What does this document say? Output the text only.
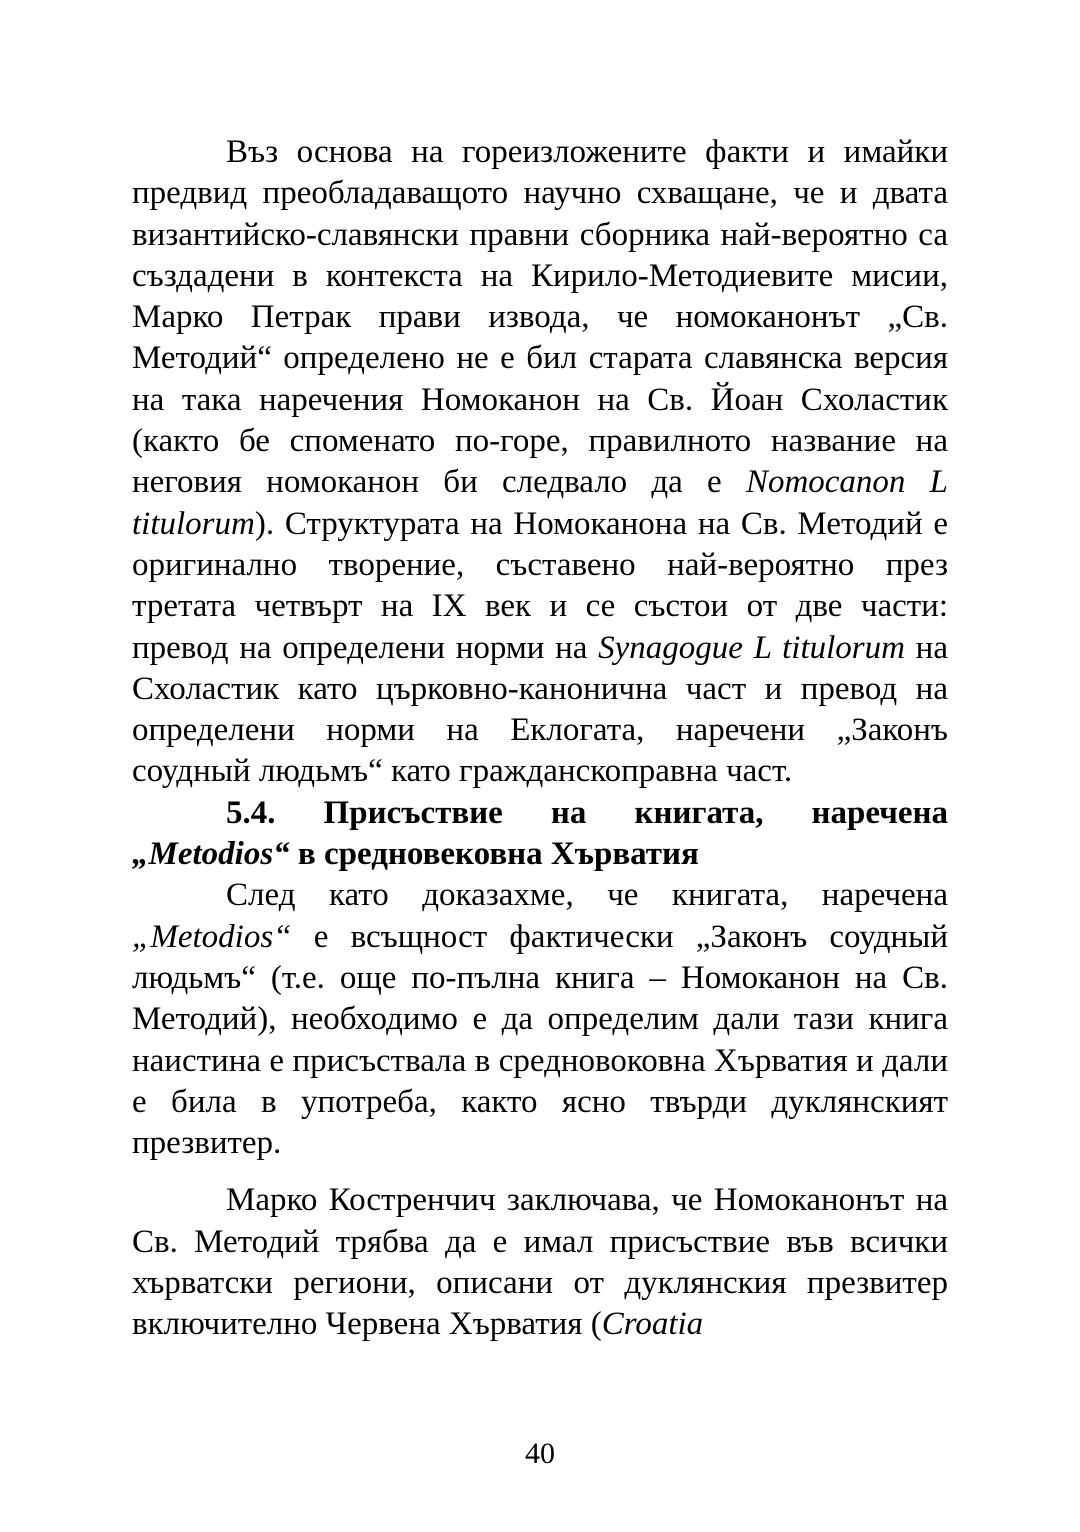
Въз основа на гореизложените факти и имайки предвид преобладаващото научно схващане, че и двата византийско-славянски правни сборника най-вероятно са създадени в контекста на Кирило-Методиевите мисии, Марко Петрак прави извода, че номоканонът „Св. Методий“ определено не е бил старата славянска версия на така наречения Номоканон на Св. Йоан Схоластик (както бе споменато по-горе, правилното название на неговия номоканон би следвало да е Nomocanon L titulorum). Структурата на Номоканона на Св. Методий е оригинално творение, съставено най-вероятно през третата четвърт на IX век и се състои от две части: превод на определени норми на Synagogue L titulorum на Схоластик като църковно-канонична част и превод на определени норми на Еклогата, наречени „Законъ соудный людьмъ“ като гражданскоправна част.

5.4. Присъствие на книгата, наречена
„Metodios“ в средновековна Хърватия

След като доказахме, че книгата, наречена „Metodios“ е всъщност фактически „Законъ соудный людьмъ“ (т.е. още по-пълна книга – Номоканон на Св. Методий), необходимо е да определим дали тази книга наистина е присъствала в средновоковна Хърватия и дали е била в употреба, както ясно твърди дуклянският презвитер.

Марко Костренчич заключава, че Номоканонът на Св. Методий трябва да е имал присъствие във всички хърватски региони, описани от дуклянския презвитер включително Червена Хърватия (Croatia

40
